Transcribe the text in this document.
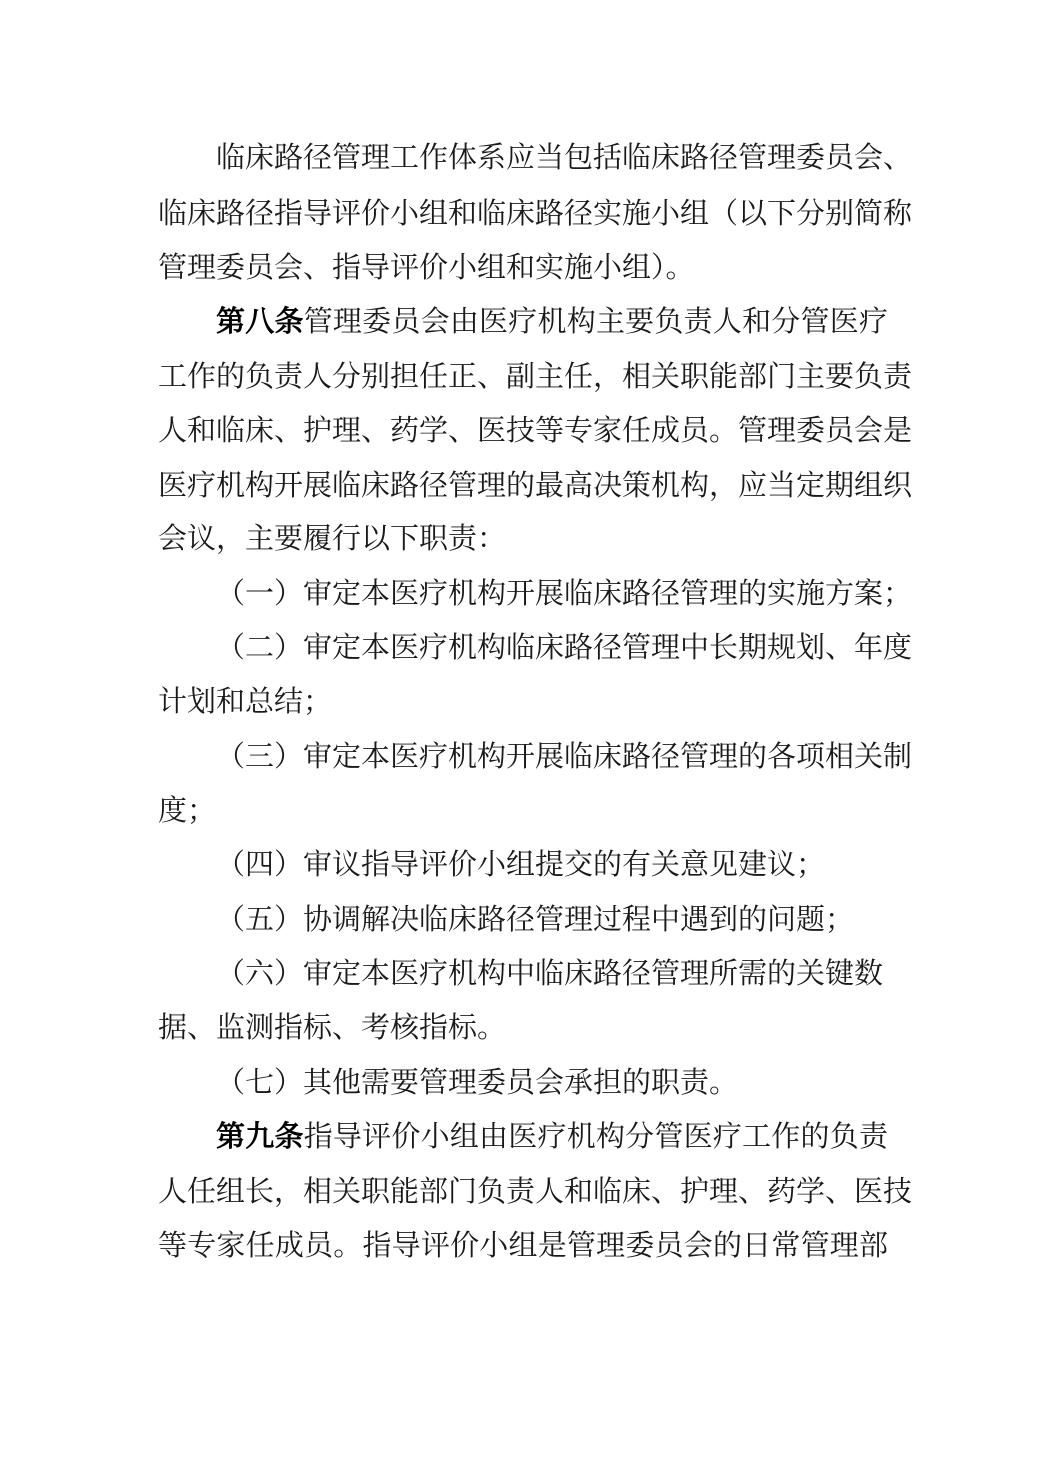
临床路径管理工作体系应当包括临床路径管理委员会、

临床路径指导评价小组和临床路径实施小组（以下分别简称

管理委员会、指导评价小组和实施小组）。

第八条管理委员会由医疗机构主要负责人和分管医疗

工作的负责人分别担任正、副主任，相关职能部门主要负责

人和临床、护理、药学、医技等专家任成员。管理委员会是

医疗机构开展临床路径管理的最高决策机构，应当定期组织

会议，主要履行以下职责：

（一）审定本医疗机构开展临床路径管理的实施方案；

（二）审定本医疗机构临床路径管理中长期规划、年度

计划和总结；

（三）审定本医疗机构开展临床路径管理的各项相关制

度；

（四）审议指导评价小组提交的有关意见建议；

（五）协调解决临床路径管理过程中遇到的问题；

（六）审定本医疗机构中临床路径管理所需的关键数

据、监测指标、考核指标。

（七）其他需要管理委员会承担的职责。

第九条指导评价小组由医疗机构分管医疗工作的负责

人任组长，相关职能部门负责人和临床、护理、药学、医技

等专家任成员。指导评价小组是管理委员会的日常管理部
